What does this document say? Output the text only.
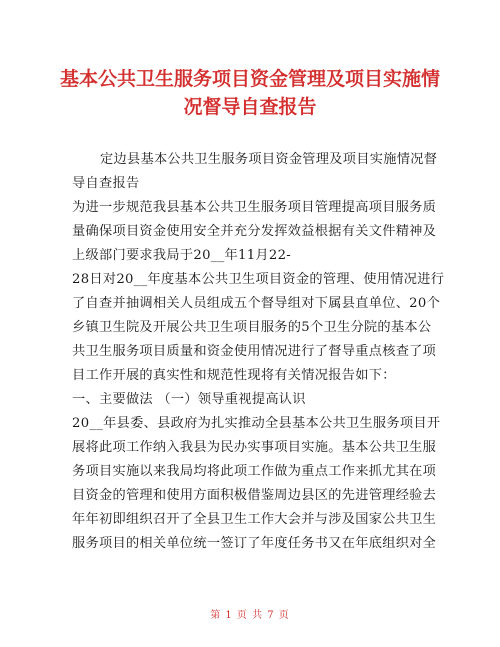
基本公共卫生服务项目资金管理及项目实施情
况督导自查报告
定边县基本公共卫生服务项目资金管理及项目实施情况督
导自查报告
为进一步规范我县基本公共卫生服务项目管理提高项目服务质
量确保项目资金使用安全并充分发挥效益根据有关文件精神及
上级部门要求我局于20__年11月22-
28日对20__年度基本公共卫生项目资金的管理、使用情况进行
了自查并抽调相关人员组成五个督导组对下属县直单位、20个
乡镇卫生院及开展公共卫生项目服务的5个卫生分院的基本公
共卫生服务项目质量和资金使用情况进行了督导重点核查了项
目工作开展的真实性和规范性现将有关情况报告如下：
一、主要做法 （一）领导重视提高认识
20__年县委、县政府为扎实推动全县基本公共卫生服务项目开
展将此项工作纳入我县为民办实事项目实施。基本公共卫生服
务项目实施以来我局均将此项工作做为重点工作来抓尤其在项
目资金的管理和使用方面积极借鉴周边县区的先进管理经验去
年年初即组织召开了全县卫生工作大会并与涉及国家公共卫生
服务项目的相关单位统一签订了年度任务书又在年底组织对全
第 1 页 共 7 页
